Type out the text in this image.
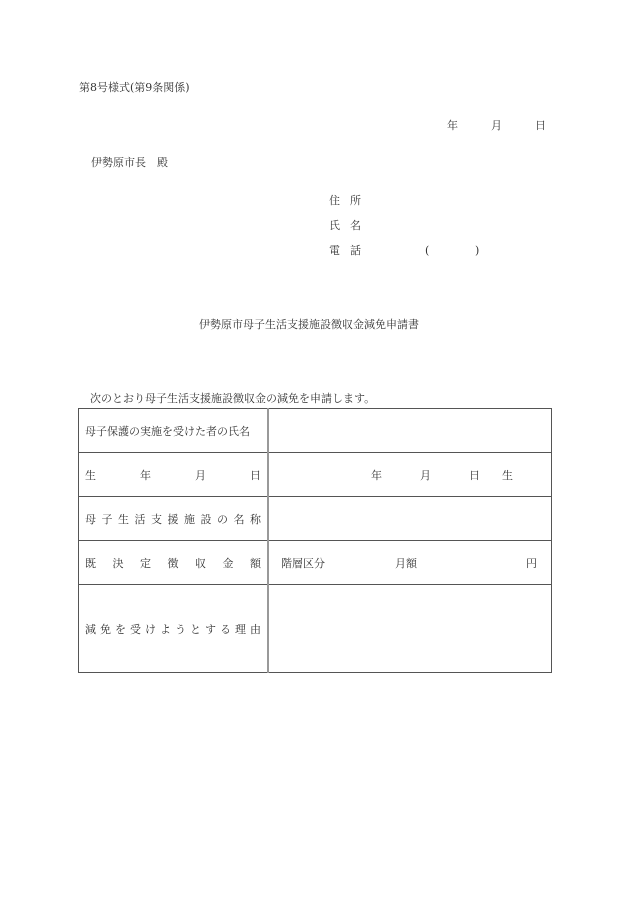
第8号様式(第9条関係)
年	月	日
伊勢原市長　殿
住 所
氏 名
電 話	(	)
伊勢原市母子生活支援施設徴収金減免申請書
次のとおり母子生活支援施設徴収金の減免を申請します。
母子保護の実施を受けた者の氏名	

生 年 月 日	年 月 日 生

母 子 生 活 支 援 施 設 の 名 称

既 決 定 徴 収 金 額	階層区分	月額	円

減 免 を 受 け よ う と す る 理 由
